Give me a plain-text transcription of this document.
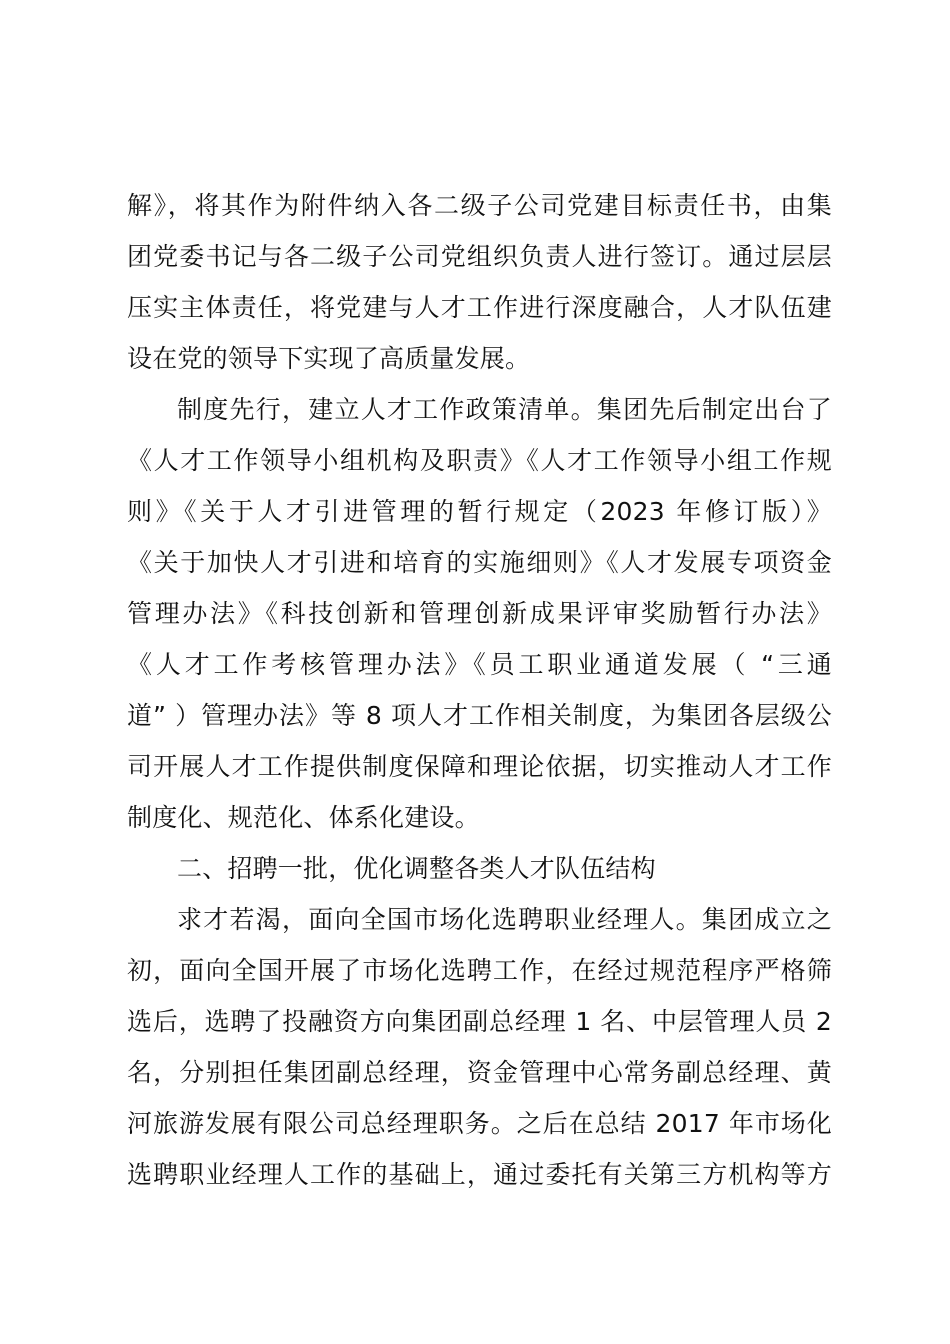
解》，将其作为附件纳入各二级子公司党建目标责任书，由集
团党委书记与各二级子公司党组织负责人进行签订。通过层层
压实主体责任，将党建与人才工作进行深度融合，人才队伍建
设在党的领导下实现了高质量发展。
制度先行，建立人才工作政策清单。集团先后制定出台了
《人才工作领导小组机构及职责》《人才工作领导小组工作规
则》《关于人才引进管理的暂行规定（2023 年修订版）》
《关于加快人才引进和培育的实施细则》《人才发展专项资金
管理办法》《科技创新和管理创新成果评审奖励暂行办法》
《人才工作考核管理办法》《员工职业通道发展（ “三通
道” ）管理办法》等 8 项人才工作相关制度，为集团各层级公
司开展人才工作提供制度保障和理论依据，切实推动人才工作
制度化、规范化、体系化建设。
二、招聘一批，优化调整各类人才队伍结构
求才若渴，面向全国市场化选聘职业经理人。集团成立之
初，面向全国开展了市场化选聘工作，在经过规范程序严格筛
选后，选聘了投融资方向集团副总经理 1 名、中层管理人员 2
名，分别担任集团副总经理，资金管理中心常务副总经理、黄
河旅游发展有限公司总经理职务。之后在总结 2017 年市场化
选聘职业经理人工作的基础上，通过委托有关第三方机构等方
